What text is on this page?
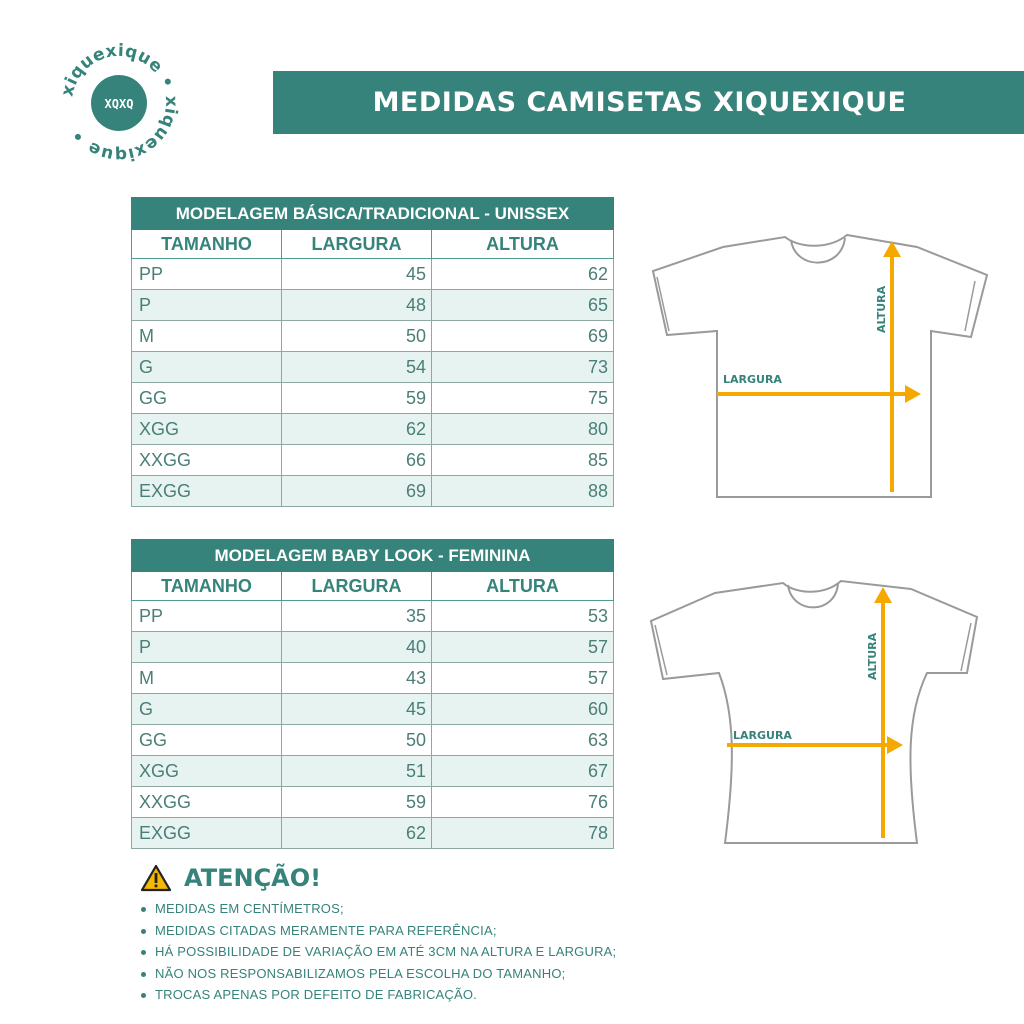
XQXQ
xiquexique • xiquexique •
MEDIDAS CAMISETAS XIQUEXIQUE
MODELAGEM BÁSICA/TRADICIONAL - UNISSEX		
TAMANHO	LARGURA	ALTURA
PP	45	62
P	48	65
M	50	69
G	54	73
GG	59	75
XGG	62	80
XXGG	66	85
EXGG	69	88
MODELAGEM BABY LOOK - FEMININA		
TAMANHO	LARGURA	ALTURA
PP	35	53
P	40	57
M	43	57
G	45	60
GG	50	63
XGG	51	67
XXGG	59	76
EXGG	62	78
LARGURA
ALTURA
LARGURA
ALTURA
ATENÇÃO!
MEDIDAS EM CENTÍMETROS;
MEDIDAS CITADAS MERAMENTE PARA REFERÊNCIA;
HÁ POSSIBILIDADE DE VARIAÇÃO EM ATÉ 3CM NA ALTURA E LARGURA;
NÃO NOS RESPONSABILIZAMOS PELA ESCOLHA DO TAMANHO;
TROCAS APENAS POR DEFEITO DE FABRICAÇÃO.
